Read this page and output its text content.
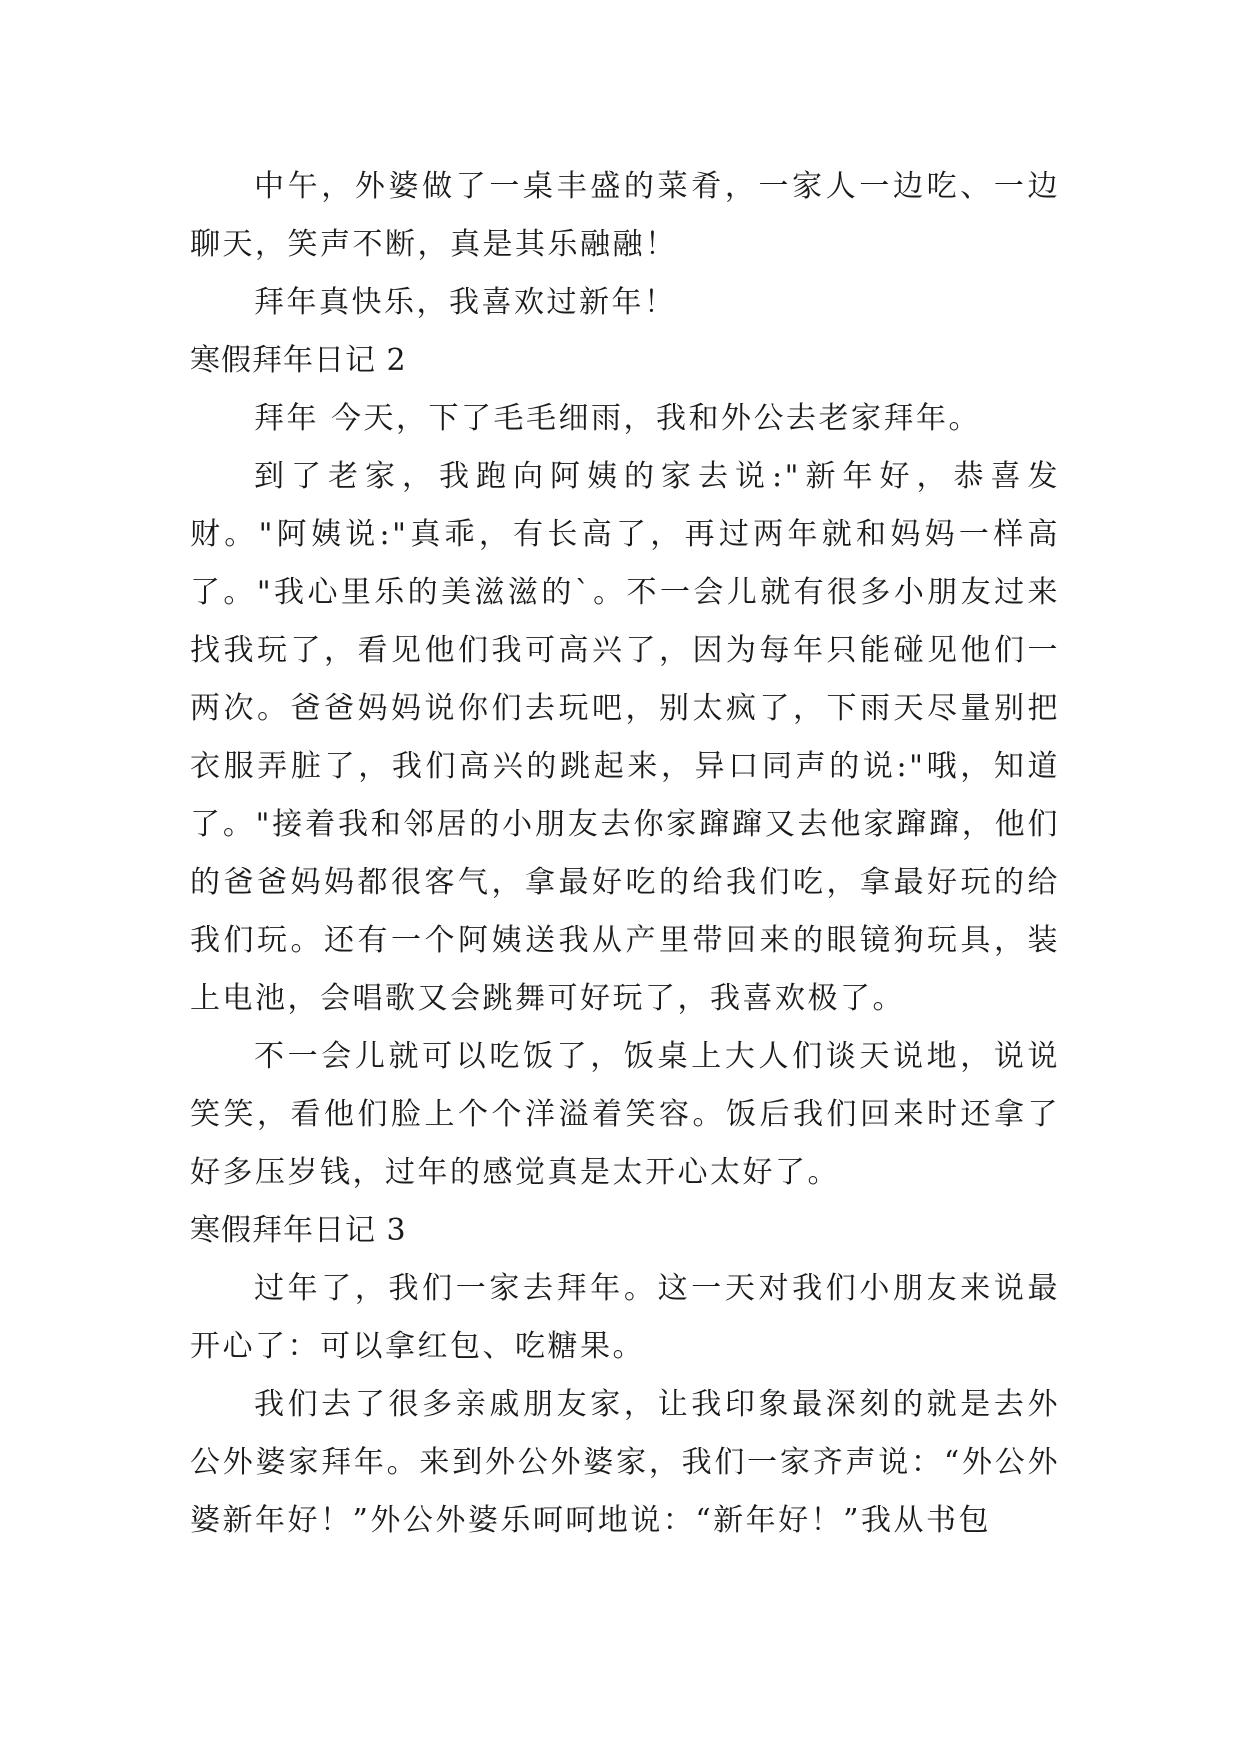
中午，外婆做了一桌丰盛的菜肴，一家人一边吃、一边聊天，笑声不断，真是其乐融融！

拜年真快乐，我喜欢过新年！

寒假拜年日记 2

拜年 今天，下了毛毛细雨，我和外公去老家拜年。

到了老家，我跑向阿姨的家去说:"新年好，恭喜发财。"阿姨说:"真乖，有长高了，再过两年就和妈妈一样高了。"我心里乐的美滋滋的`。不一会儿就有很多小朋友过来找我玩了，看见他们我可高兴了，因为每年只能碰见他们一两次。爸爸妈妈说你们去玩吧，别太疯了，下雨天尽量别把衣服弄脏了，我们高兴的跳起来，异口同声的说:"哦，知道了。"接着我和邻居的小朋友去你家蹿蹿又去他家蹿蹿，他们的爸爸妈妈都很客气，拿最好吃的给我们吃，拿最好玩的给我们玩。还有一个阿姨送我从产里带回来的眼镜狗玩具，装上电池，会唱歌又会跳舞可好玩了，我喜欢极了。

不一会儿就可以吃饭了，饭桌上大人们谈天说地，说说笑笑，看他们脸上个个洋溢着笑容。饭后我们回来时还拿了好多压岁钱，过年的感觉真是太开心太好了。

寒假拜年日记 3

过年了，我们一家去拜年。这一天对我们小朋友来说最开心了：可以拿红包、吃糖果。

我们去了很多亲戚朋友家，让我印象最深刻的就是去外公外婆家拜年。来到外公外婆家，我们一家齐声说：“外公外婆新年好！”外公外婆乐呵呵地说：“新年好！”我从书包
